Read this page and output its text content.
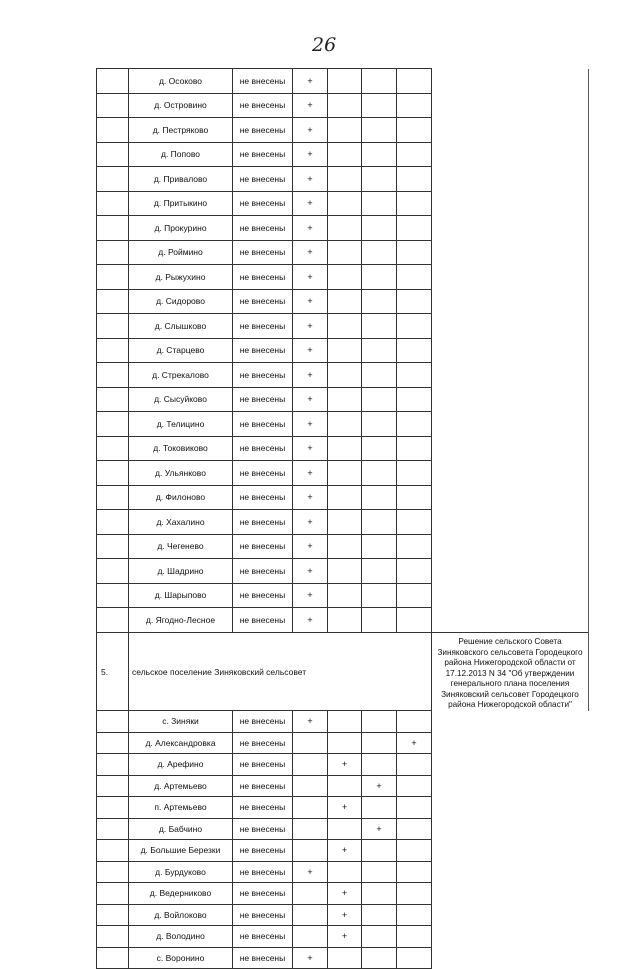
26
	д. Осоково	не внесены	+				
	д. Островино	не внесены	+				
	д. Пестряково	не внесены	+				
	д. Попово	не внесены	+				
	д. Привалово	не внесены	+				
	д. Притыкино	не внесены	+				
	д. Прокурино	не внесены	+				
	д. Роймино	не внесены	+				
	д. Рыжухино	не внесены	+				
	д. Сидорово	не внесены	+				
	д. Слышково	не внесены	+				
	д. Старцево	не внесены	+				
	д. Стрекалово	не внесены	+				
	д. Сысуйково	не внесены	+				
	д. Телицино	не внесены	+				
	д. Токовиково	не внесены	+				
	д. Ульянково	не внесены	+				
	д. Филоново	не внесены	+				
	д. Хахалино	не внесены	+				
	д. Чегенево	не внесены	+				
	д. Шадрино	не внесены	+				
	д. Шарыпово	не внесены	+				
	д. Ягодно-Лесное	не внесены	+				
5.	сельское поселение Зиняковский сельсовет						Решение сельского Совета Зиняковского сельсовета Городецкого района Нижегородской области от 17.12.2013 N 34 "Об утверждении генерального плана поселения Зиняковский сельсовет Городецкого района Нижегородской области"
	с. Зиняки	не внесены	+				
	д. Александровка	не внесены				+	
	д. Арефино	не внесены		+			
	д. Артемьево	не внесены			+		
	п. Артемьево	не внесены		+			
	д. Бабчино	не внесены			+		
	д. Большие Березки	не внесены		+			
	д. Бурдуково	не внесены	+				
	д. Ведерниково	не внесены		+			
	д. Войлоково	не внесены		+			
	д. Володино	не внесены		+			
	с. Воронино	не внесены	+				
